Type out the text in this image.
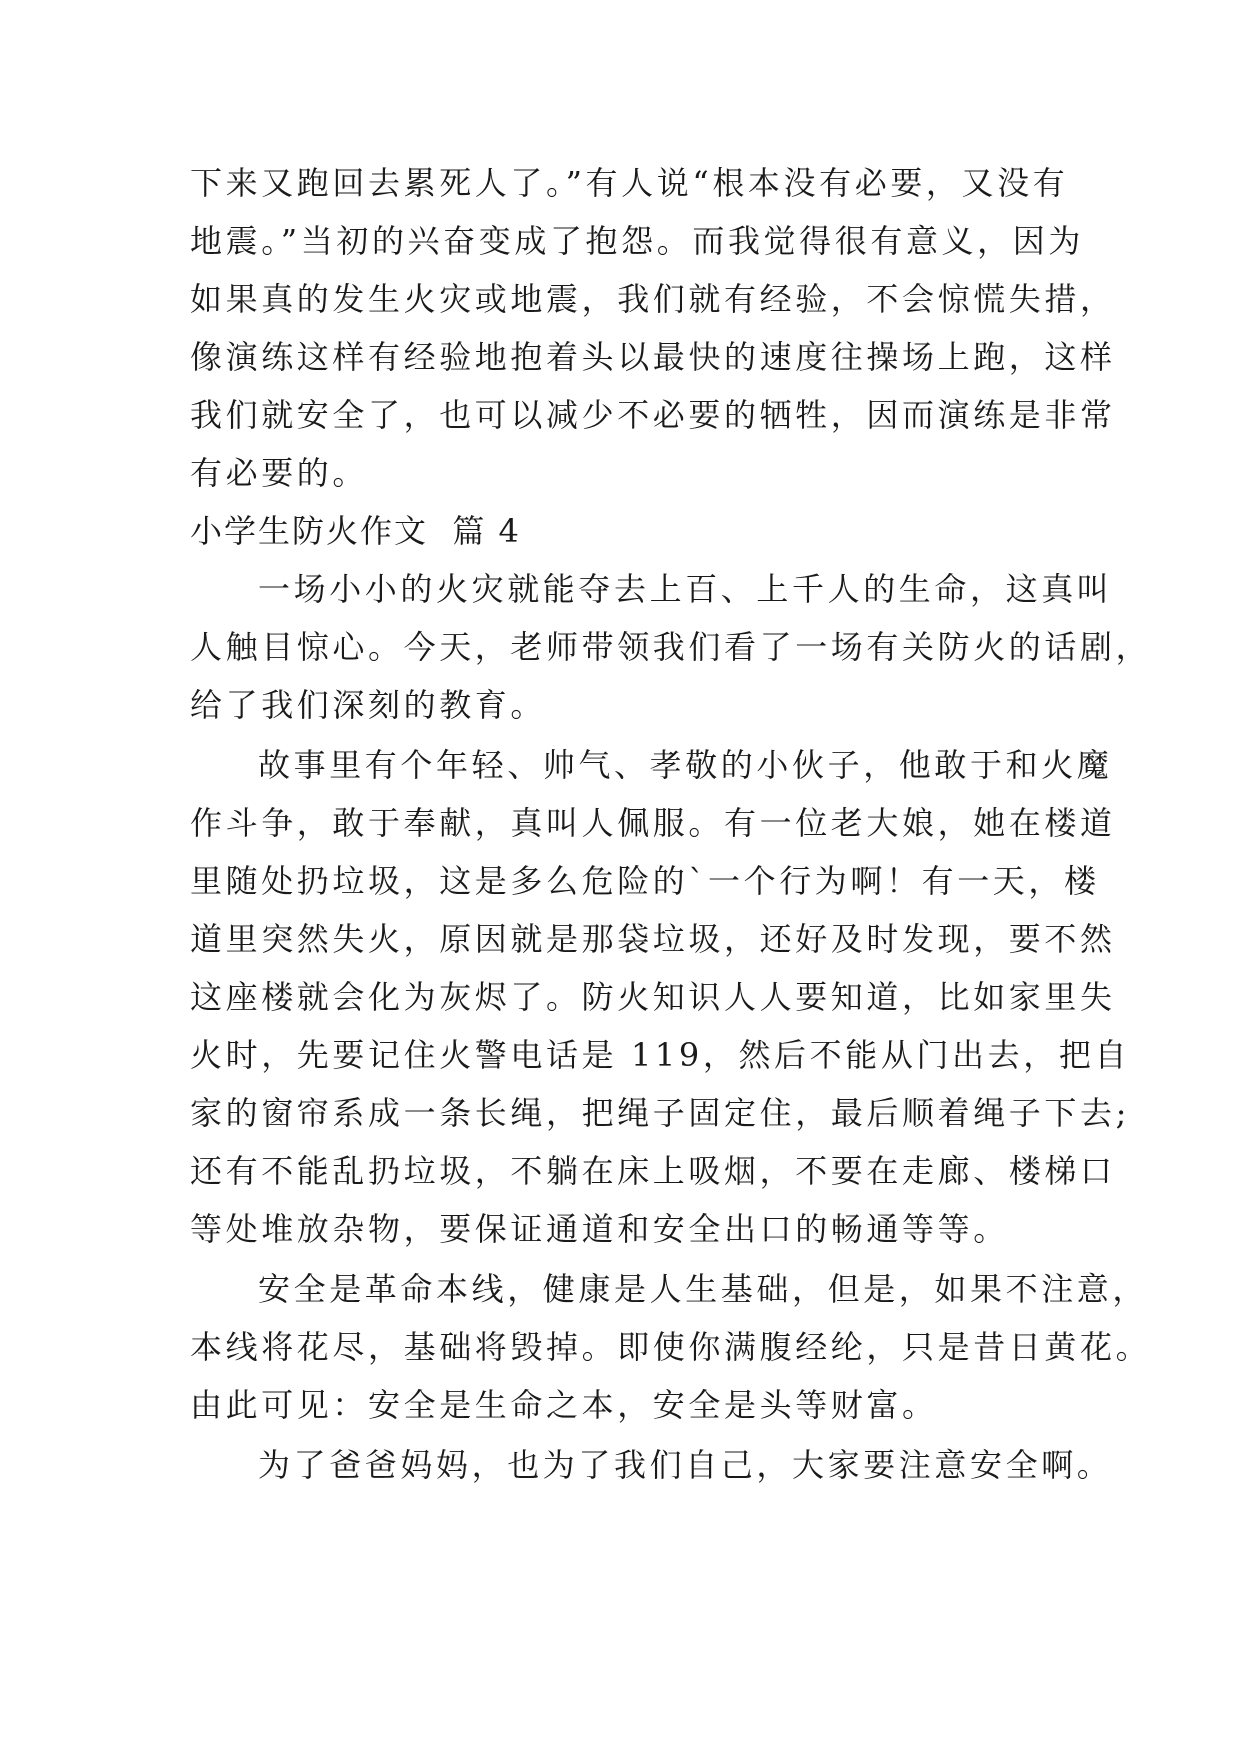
下来又跑回去累死人了。”有人说“根本没有必要，又没有
地震。”当初的兴奋变成了抱怨。而我觉得很有意义，因为
如果真的发生火灾或地震，我们就有经验，不会惊慌失措，
像演练这样有经验地抱着头以最快的速度往操场上跑，这样
我们就安全了，也可以减少不必要的牺牲，因而演练是非常
有必要的。
小学生防火作文  篇 4
一场小小的火灾就能夺去上百、上千人的生命，这真叫
人触目惊心。今天，老师带领我们看了一场有关防火的话剧，
给了我们深刻的教育。
故事里有个年轻、帅气、孝敬的小伙子，他敢于和火魔
作斗争，敢于奉献，真叫人佩服。有一位老大娘，她在楼道
里随处扔垃圾，这是多么危险的`一个行为啊！有一天，楼
道里突然失火，原因就是那袋垃圾，还好及时发现，要不然
这座楼就会化为灰烬了。防火知识人人要知道，比如家里失
火时，先要记住火警电话是 119，然后不能从门出去，把自
家的窗帘系成一条长绳，把绳子固定住，最后顺着绳子下去;
还有不能乱扔垃圾，不躺在床上吸烟，不要在走廊、楼梯口
等处堆放杂物，要保证通道和安全出口的畅通等等。
安全是革命本线，健康是人生基础，但是，如果不注意，
本线将花尽，基础将毁掉。即使你满腹经纶，只是昔日黄花。
由此可见：安全是生命之本，安全是头等财富。
为了爸爸妈妈，也为了我们自己，大家要注意安全啊。
